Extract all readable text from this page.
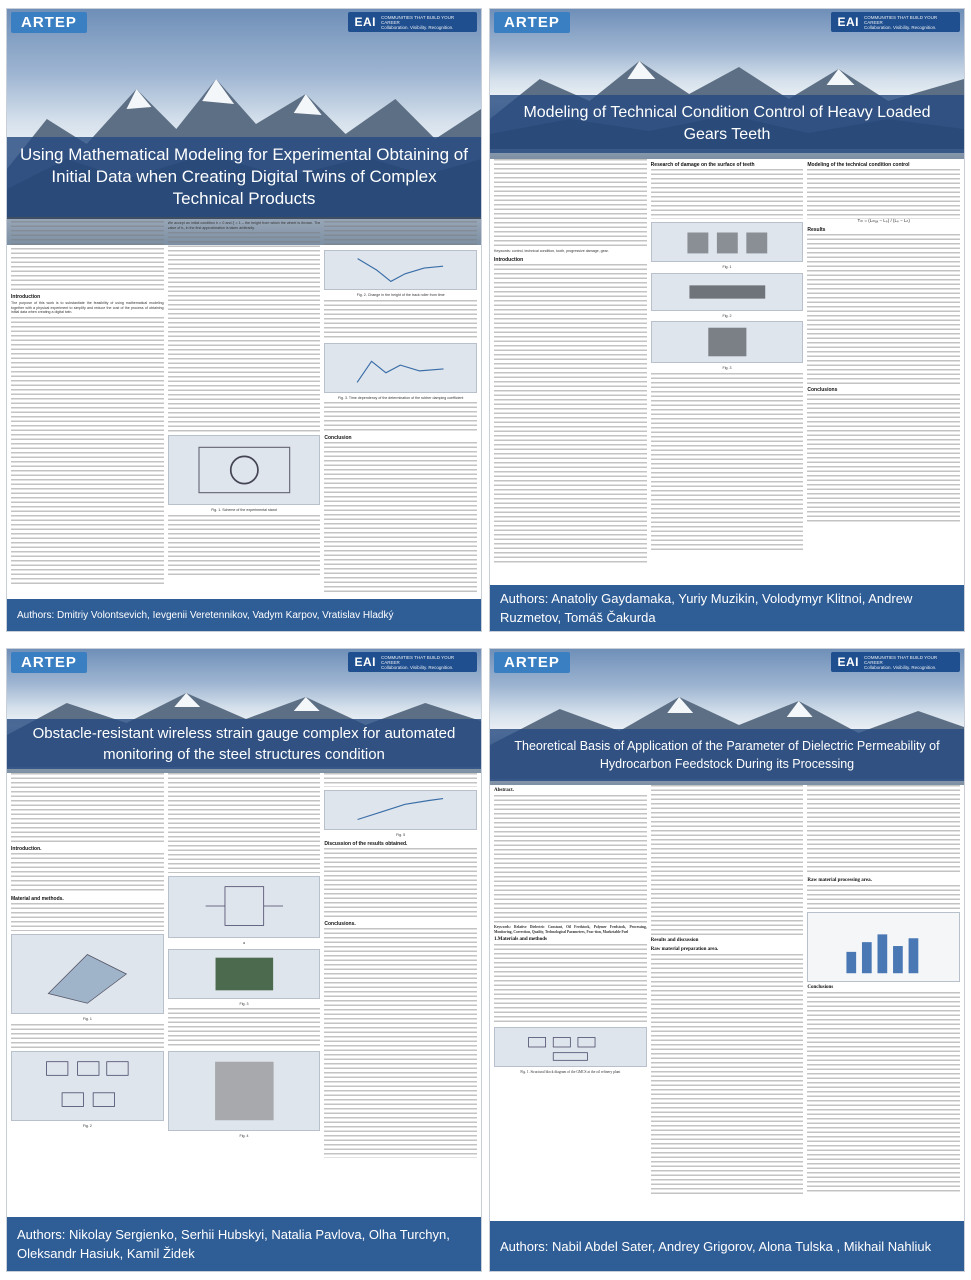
ARTEP	EAI COMMUNITIES THAT BUILD YOUR CAREER
Collaboration. Visibility. Recognition.
Using Mathematical Modeling for Experimental Obtaining of Initial Data when Creating Digital Twins of Complex Technical Products
Introduction

The purpose of this work is to substantiate the feasibility of using mathematical modeling together with a physical experiment to simplify and reduce the cost of the process of obtaining initial data when creating a digital twin.

We accept an initial condition h = 0 and ξ = 1 – the height from which the wheel is thrown. The value of b₀ in the first approximation is taken arbitrarily.

Fig. 1. Scheme of the experimental stand
Fig. 2. Change in the height of the track roller from time
Fig. 3. Time dependency of the determination of the rubber damping coefficient
Conclusion
Authors: Dmitriy Volontsevich, Ievgenii Veretennikov, Vadym Karpov, Vratislav Hladký
ARTEP	EAI COMMUNITIES THAT BUILD YOUR CAREER
Collaboration. Visibility. Recognition.
Modeling of Technical Condition Control of Heavy Loaded Gears Teeth

Keywords: control, technical condition, tooth, progressive damage, gear.

Introduction
Research of damage on the surface of teeth
Fig. 1
Fig. 2
Fig. 3
Modeling of the technical condition control

Tₘ = (Lₘₐₓ − Lₚ) / (Lₚ − Lₙ)

Results
Conclusions
Authors: Anatoliy Gaydamaka, Yuriy Muzikin, Volodymyr Klitnoi, Andrew Ruzmetov, Tomáš Čakurda
ARTEP	EAI COMMUNITIES THAT BUILD YOUR CAREER
Collaboration. Visibility. Recognition.
Obstacle-resistant wireless strain gauge complex for automated monitoring of the steel structures condition
Introduction.
Material and methods.
Fig. 1
Fig. 2
a
Fig. 3
Fig. 4
Fig. 5
Discussion of the results obtained.
Conclusions.
Authors: Nikolay Sergienko, Serhii Hubskyi, Natalia Pavlova, Olha Turchyn, Oleksandr Hasiuk, Kamil Židek
ARTEP	EAI COMMUNITIES THAT BUILD YOUR CAREER
Collaboration. Visibility. Recognition.
Theoretical Basis of Application of the Parameter of Dielectric Permeability of Hydrocarbon Feedstock During its Processing
Abstract.

Keywords: Relative Dielectric Constant, Oil Feedstock, Polymer Feedstock, Processing, Monitoring, Correction, Quality, Technological Parameters, Frac-tion, Marketable Fuel

1.Materials and methods
Fig. 1. Structural block diagram of the GMCS at the oil refinery plant
Results and discussion
Raw material preparation area.
Raw material processing area.
Conclusions
Authors: Nabil Abdel Sater, Andrey Grigorov, Alona Tulska , Mikhail Nahliuk
